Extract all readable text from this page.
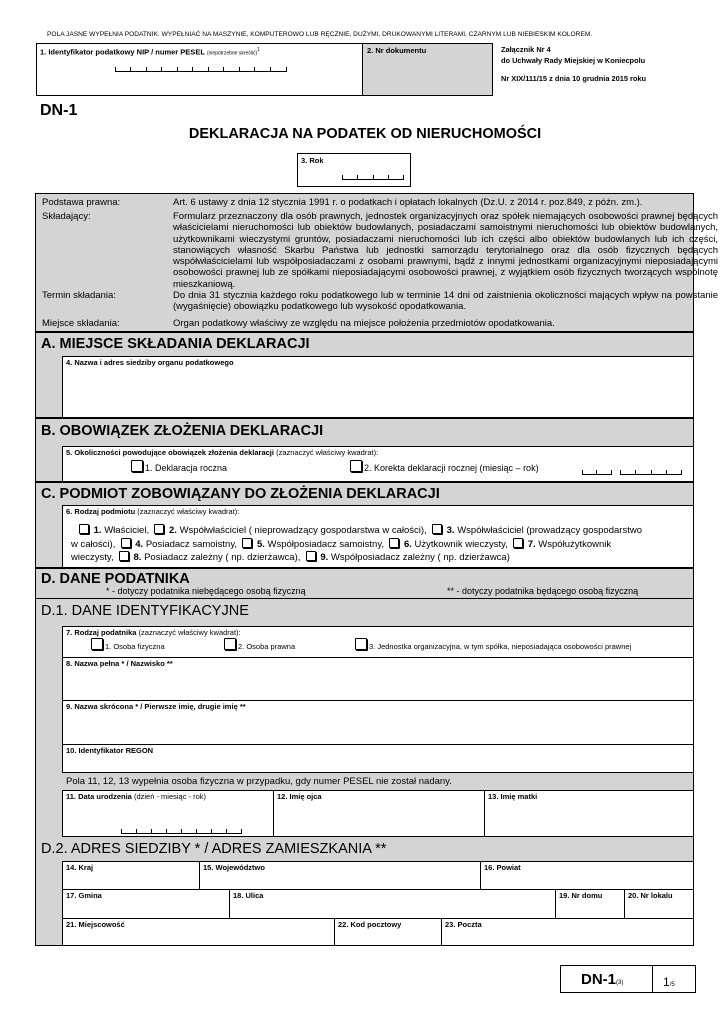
POLA JASNE WYPEŁNIA PODATNIK. WYPEŁNIAĆ NA MASZYNIE, KOMPUTEROWO LUB RĘCZNIE, DUŻYMI, DRUKOWANYMI LITERAMI, CZARNYM LUB NIEBIESKIM KOLOREM.
1. Identyfikator podatkowy NIP / numer PESEL (niepotrzebne skreślić)$^1$	2. Nr dokumentu	Załącznik Nr 4
do Uchwały Rady Miejskiej w Koniecpolu
Nr XIX/111/15 z dnia 10 grudnia 2015 roku
DN-1
DEKLARACJA NA PODATEK OD NIERUCHOMOŚCI
3. Rok
Podstawa prawna:	Art. 6 ustawy z dnia 12 stycznia 1991 r. o podatkach i opłatach lokalnych (Dz.U. z 2014 r. poz.849, z późn. zm.).
Składający:	Formularz przeznaczony dla osób prawnych, jednostek organizacyjnych oraz spółek niemających osobowości prawnej będących właścicielami nieruchomości lub obiektów budowlanych, posiadaczami samoistnymi nieruchomości lub obiektów budowlanych, użytkownikami wieczystymi gruntów, posiadaczami nieruchomości lub ich części albo obiektów budowlanych lub ich części, stanowiących własność Skarbu Państwa lub jednostki samorządu terytorialnego oraz dla osób fizycznych będących współwłaścicielami lub współposiadaczami z osobami prawnymi, bądź z innymi jednostkami organizacyjnymi nieposiadającymi osobowości prawnej lub ze spółkami nieposiadającymi osobowości prawnej, z wyjątkiem osób fizycznych tworzących wspólnotę mieszkaniową.
Termin składania:	Do dnia 31 stycznia każdego roku podatkowego lub w terminie 14 dni od zaistnienia okoliczności mających wpływ na powstanie (wygaśnięcie) obowiązku podatkowego lub wysokość opodatkowania.
Miejsce składania:	Organ podatkowy właściwy ze względu na miejsce położenia przedmiotów opodatkowania.
A. MIEJSCE SKŁADANIA DEKLARACJI
4. Nazwa i adres siedziby organu podatkowego
B. OBOWIĄZEK ZŁOŻENIA DEKLARACJI
5. Okoliczności powodujące obowiązek złożenia deklaracji (zaznaczyć właściwy kwadrat):
1. Deklaracja roczna	2. Korekta deklaracji rocznej (miesiąc – rok)
C. PODMIOT ZOBOWIĄZANY DO ZŁOŻENIA DEKLARACJI
6. Rodzaj podmiotu (zaznaczyć właściwy kwadrat):
1. Właściciel, 2. Współwłaściciel ( nieprowadzący gospodarstwa w całości), 3. Współwłaściciel (prowadzący gospodarstwo
w całości), 4. Posiadacz samoistny, 5. Współposiadacz samoistny, 6. Użytkownik wieczysty, 7. Współużytkownik
wieczysty, 8. Posiadacz zależny ( np. dzierżawca), 9. Współposiadacz zależny ( np. dzierżawca)
D. DANE PODATNIKA
* - dotyczy podatnika niebędącego osobą fizyczną	** - dotyczy podatnika będącego osobą fizyczną
D.1. DANE IDENTYFIKACYJNE
7. Rodzaj podatnika (zaznaczyć właściwy kwadrat):
1. Osoba fizyczna	2. Osoba prawna	3. Jednostka organizacyjna, w tym spółka, nieposiadająca osobowości prawnej
8. Nazwa pełna * / Nazwisko **
9. Nazwa skrócona * / Pierwsze imię, drugie imię **
10. Identyfikator REGON
Pola 11, 12, 13 wypełnia osoba fizyczna w przypadku, gdy numer PESEL nie został nadany.
11. Data urodzenia (dzień - miesiąc - rok)	12. Imię ojca	13. Imię matki
D.2. ADRES SIEDZIBY * / ADRES ZAMIESZKANIA **
14. Kraj	15. Województwo	16. Powiat
17. Gmina	18. Ulica	19. Nr domu	20. Nr lokalu
21. Miejscowość	22. Kod pocztowy	23. Poczta
DN-1(3)	1/5
